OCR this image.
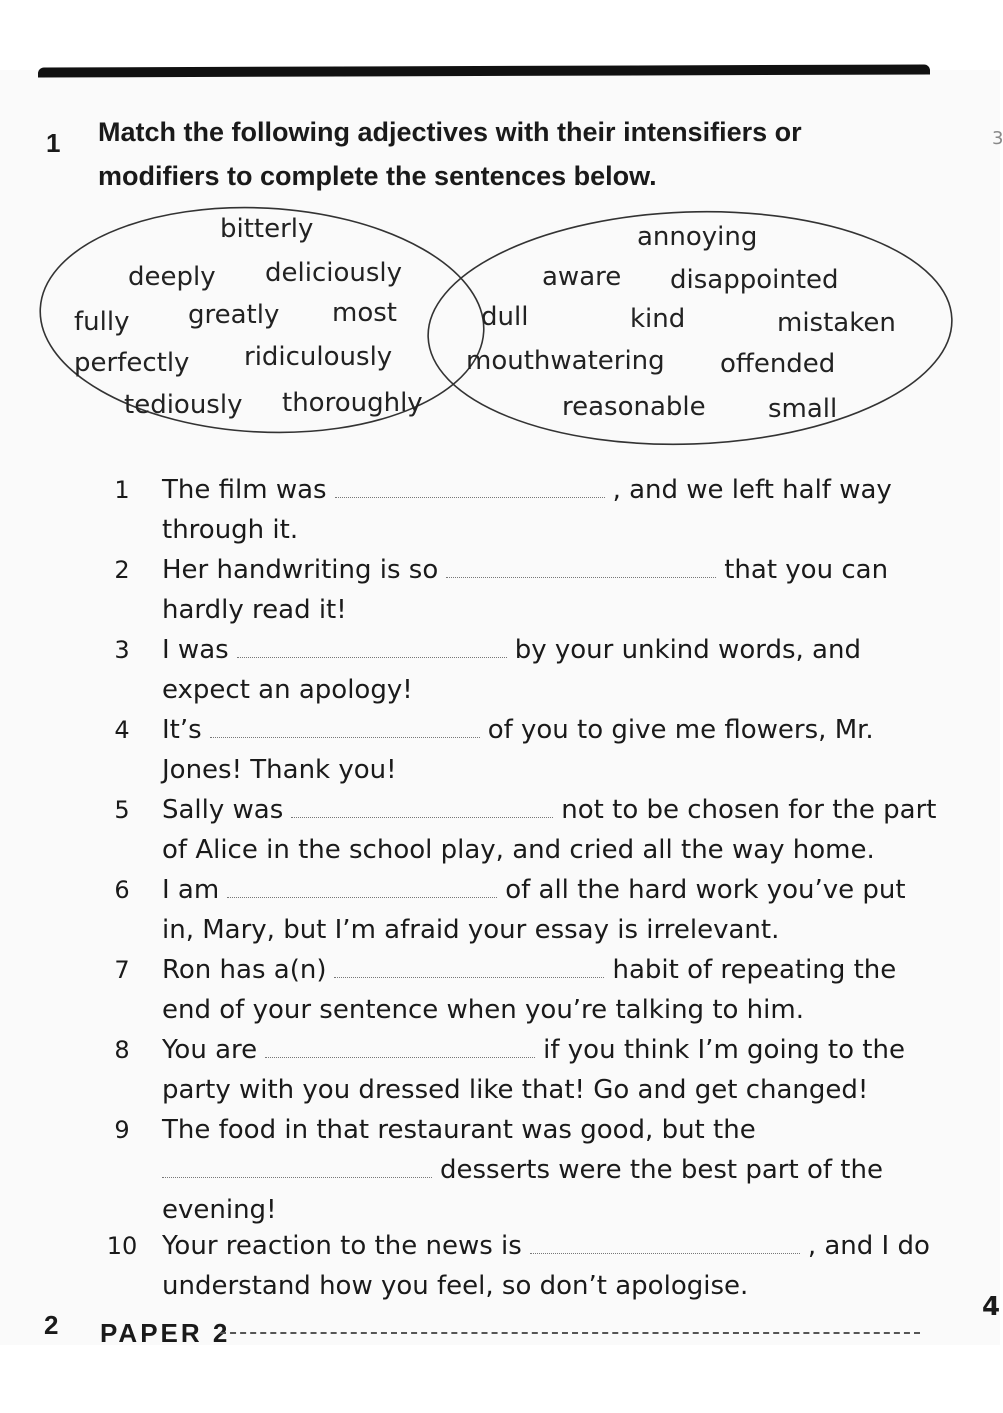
3
1 Match the following adjectives with their intensifiers or
modifiers to complete the sentences below.
bitterly
deeply deliciously
fully greatly most
perfectly ridiculously
tediously thoroughly
annoying
aware disappointed
dull	kind	mistaken
mouthwatering offended
reasonable small
1	The film was	, and we left half way
through it.
2	Her handwriting is so	that you can
hardly read it!
3	I was	by your unkind words, and
expect an apology!
4	It’s	of you to give me flowers, Mr.
Jones! Thank you!
5	Sally was	not to be chosen for the part
of Alice in the school play, and cried all the way home.
6	I am	of all the hard work you’ve put
in, Mary, but I’m afraid your essay is irrelevant.
7	Ron has a(n)	habit of repeating the
end of your sentence when you’re talking to him.
8	You are	if you think I’m going to the
party with you dressed like that! Go and get changed!
9	The food in that restaurant was good, but the
desserts were the best part of the
evening!
10 Your reaction to the news is	, and I do
understand how you feel, so don’t apologise.
2 PAPER 2
4
